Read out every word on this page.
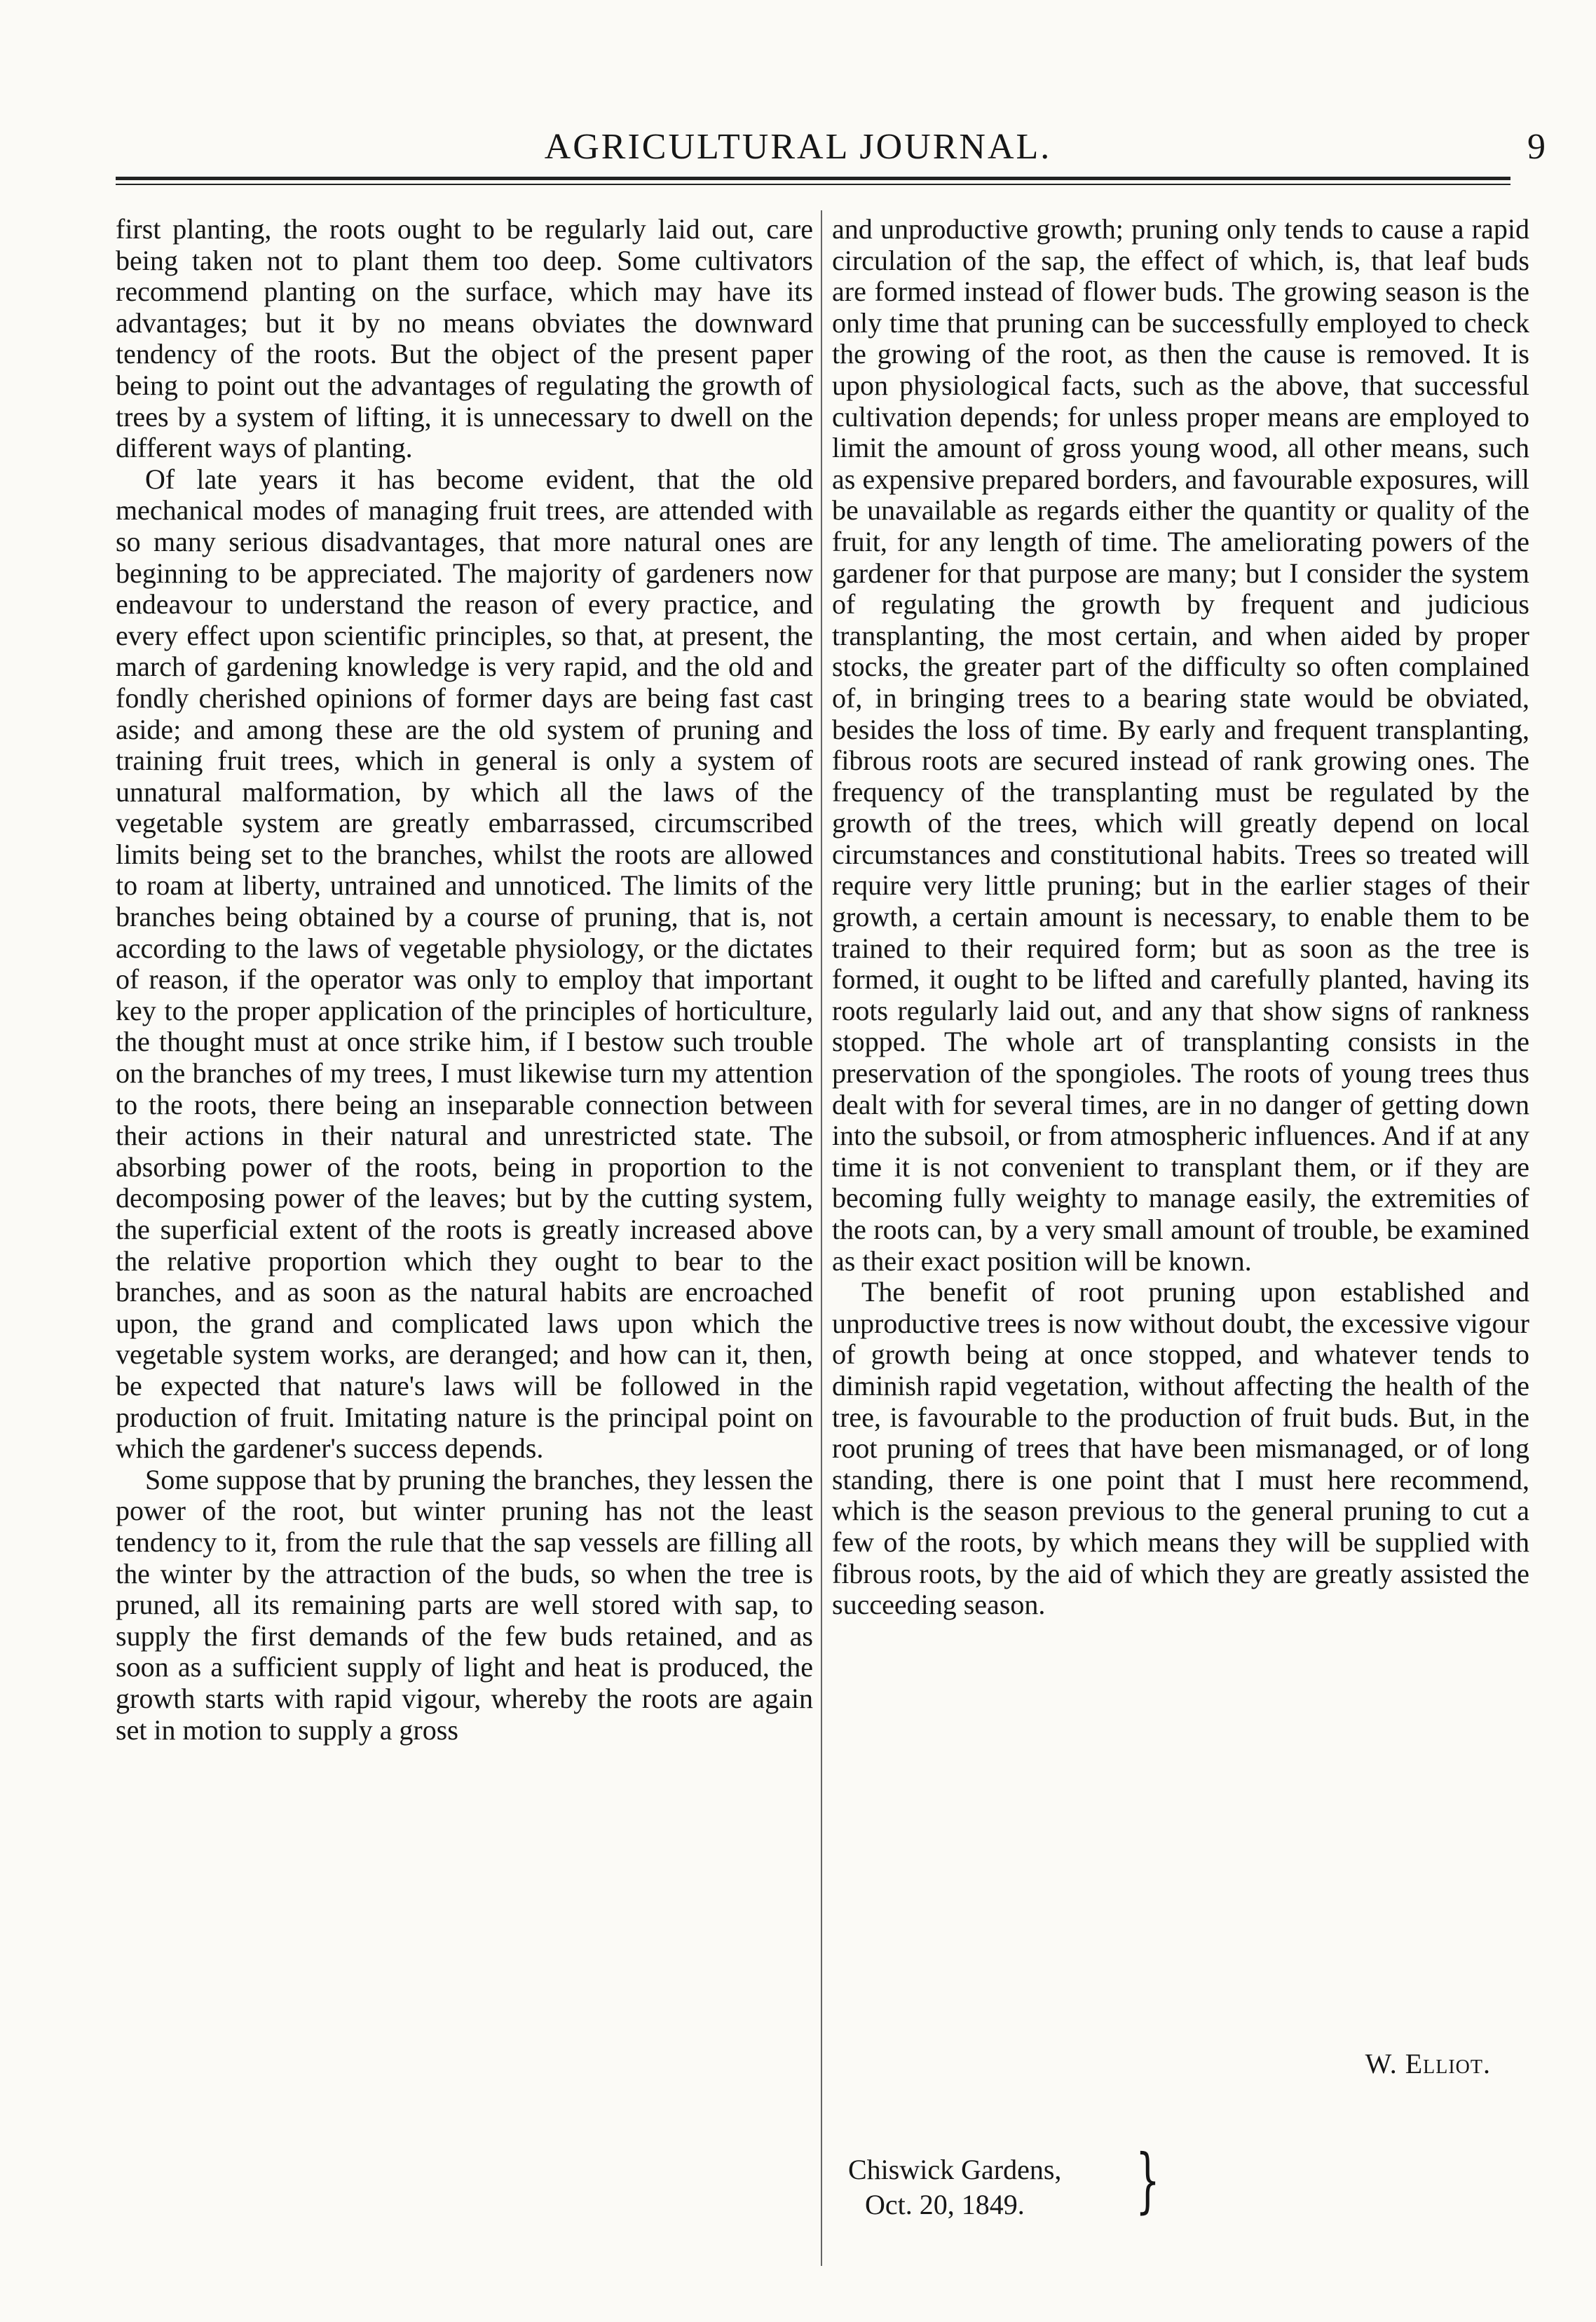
AGRICULTURAL JOURNAL.	9

first planting, the roots ought to be regularly laid out, care being taken not to plant them too deep. Some cultivators recommend planting on the surface, which may have its advantages; but it by no means obviates the downward tendency of the roots. But the object of the present paper being to point out the advantages of regulating the growth of trees by a system of lifting, it is unnecessary to dwell on the different ways of planting.

Of late years it has become evident, that the old mechanical modes of managing fruit trees, are attended with so many serious disadvantages, that more natural ones are beginning to be appreciated. The majority of gardeners now endeavour to understand the reason of every practice, and every effect upon scientific principles, so that, at present, the march of gardening knowledge is very rapid, and the old and fondly cherished opinions of former days are being fast cast aside; and among these are the old system of pruning and training fruit trees, which in general is only a system of unnatural malformation, by which all the laws of the vegetable system are greatly embarrassed, circumscribed limits being set to the branches, whilst the roots are allowed to roam at liberty, untrained and unnoticed. The limits of the branches being obtained by a course of pruning, that is, not according to the laws of vegetable physiology, or the dictates of reason, if the operator was only to employ that important key to the proper application of the principles of horticulture, the thought must at once strike him, if I bestow such trouble on the branches of my trees, I must likewise turn my attention to the roots, there being an inseparable connection between their actions in their natural and unrestricted state. The absorbing power of the roots, being in proportion to the decomposing power of the leaves; but by the cutting system, the superficial extent of the roots is greatly increased above the relative proportion which they ought to bear to the branches, and as soon as the natural habits are encroached upon, the grand and complicated laws upon which the vegetable system works, are deranged; and how can it, then, be expected that nature's laws will be followed in the production of fruit. Imitating nature is the principal point on which the gardener's success depends.

Some suppose that by pruning the branches, they lessen the power of the root, but winter pruning has not the least tendency to it, from the rule that the sap vessels are filling all the winter by the attraction of the buds, so when the tree is pruned, all its remaining parts are well stored with sap, to supply the first demands of the few buds retained, and as soon as a sufficient supply of light and heat is produced, the growth starts with rapid vigour, whereby the roots are again set in motion to supply a gross

and unproductive growth; pruning only tends to cause a rapid circulation of the sap, the effect of which, is, that leaf buds are formed instead of flower buds. The growing season is the only time that pruning can be successfully employed to check the growing of the root, as then the cause is removed. It is upon physiological facts, such as the above, that successful cultivation depends; for unless proper means are employed to limit the amount of gross young wood, all other means, such as expensive prepared borders, and favourable exposures, will be unavailable as regards either the quantity or quality of the fruit, for any length of time. The ameliorating powers of the gardener for that purpose are many; but I consider the system of regulating the growth by frequent and judicious transplanting, the most certain, and when aided by proper stocks, the greater part of the difficulty so often complained of, in bringing trees to a bearing state would be obviated, besides the loss of time. By early and frequent transplanting, fibrous roots are secured instead of rank growing ones. The frequency of the transplanting must be regulated by the growth of the trees, which will greatly depend on local circumstances and constitutional habits. Trees so treated will require very little pruning; but in the earlier stages of their growth, a certain amount is necessary, to enable them to be trained to their required form; but as soon as the tree is formed, it ought to be lifted and carefully planted, having its roots regularly laid out, and any that show signs of rankness stopped. The whole art of transplanting consists in the preservation of the spongioles. The roots of young trees thus dealt with for several times, are in no danger of getting down into the subsoil, or from atmospheric influences. And if at any time it is not convenient to transplant them, or if they are becoming fully weighty to manage easily, the extremities of the roots can, by a very small amount of trouble, be examined as their exact position will be known.

The benefit of root pruning upon established and unproductive trees is now without doubt, the excessive vigour of growth being at once stopped, and whatever tends to diminish rapid vegetation, without affecting the health of the tree, is favourable to the production of fruit buds. But, in the root pruning of trees that have been mismanaged, or of long standing, there is one point that I must here recommend, which is the season previous to the general pruning to cut a few of the roots, by which means they will be supplied with fibrous roots, by the aid of which they are greatly assisted the succeeding season.

W. Elliot.
Chiswick Gardens,
Oct. 20, 1849.	}
